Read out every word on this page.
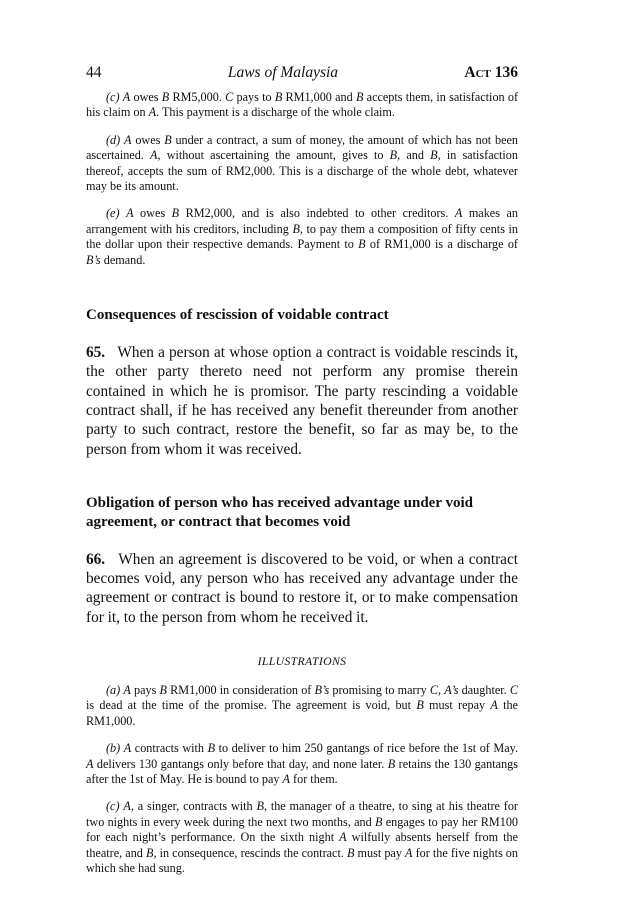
44	Laws of Malaysia	Act 136

(c) A owes B RM5,000. C pays to B RM1,000 and B accepts them, in satisfaction of his claim on A. This payment is a discharge of the whole claim.

(d) A owes B under a contract, a sum of money, the amount of which has not been ascertained. A, without ascertaining the amount, gives to B, and B, in satisfaction thereof, accepts the sum of RM2,000. This is a discharge of the whole debt, whatever may be its amount.

(e) A owes B RM2,000, and is also indebted to other creditors. A makes an arrangement with his creditors, including B, to pay them a composition of fifty cents in the dollar upon their respective demands. Payment to B of RM1,000 is a discharge of B’s demand.

Consequences of rescission of voidable contract

65. When a person at whose option a contract is voidable rescinds it, the other party thereto need not perform any promise therein contained in which he is promisor. The party rescinding a voidable contract shall, if he has received any benefit thereunder from another party to such contract, restore the benefit, so far as may be, to the person from whom it was received.

Obligation of person who has received advantage under void agreement, or contract that becomes void

66. When an agreement is discovered to be void, or when a contract becomes void, any person who has received any advantage under the agreement or contract is bound to restore it, or to make compensation for it, to the person from whom he received it.

ILLUSTRATIONS

(a) A pays B RM1,000 in consideration of B’s promising to marry C, A’s daughter. C is dead at the time of the promise. The agreement is void, but B must repay A the RM1,000.

(b) A contracts with B to deliver to him 250 gantangs of rice before the 1st of May. A delivers 130 gantangs only before that day, and none later. B retains the 130 gantangs after the 1st of May. He is bound to pay A for them.

(c) A, a singer, contracts with B, the manager of a theatre, to sing at his theatre for two nights in every week during the next two months, and B engages to pay her RM100 for each night’s performance. On the sixth night A wilfully absents herself from the theatre, and B, in consequence, rescinds the contract. B must pay A for the five nights on which she had sung.
